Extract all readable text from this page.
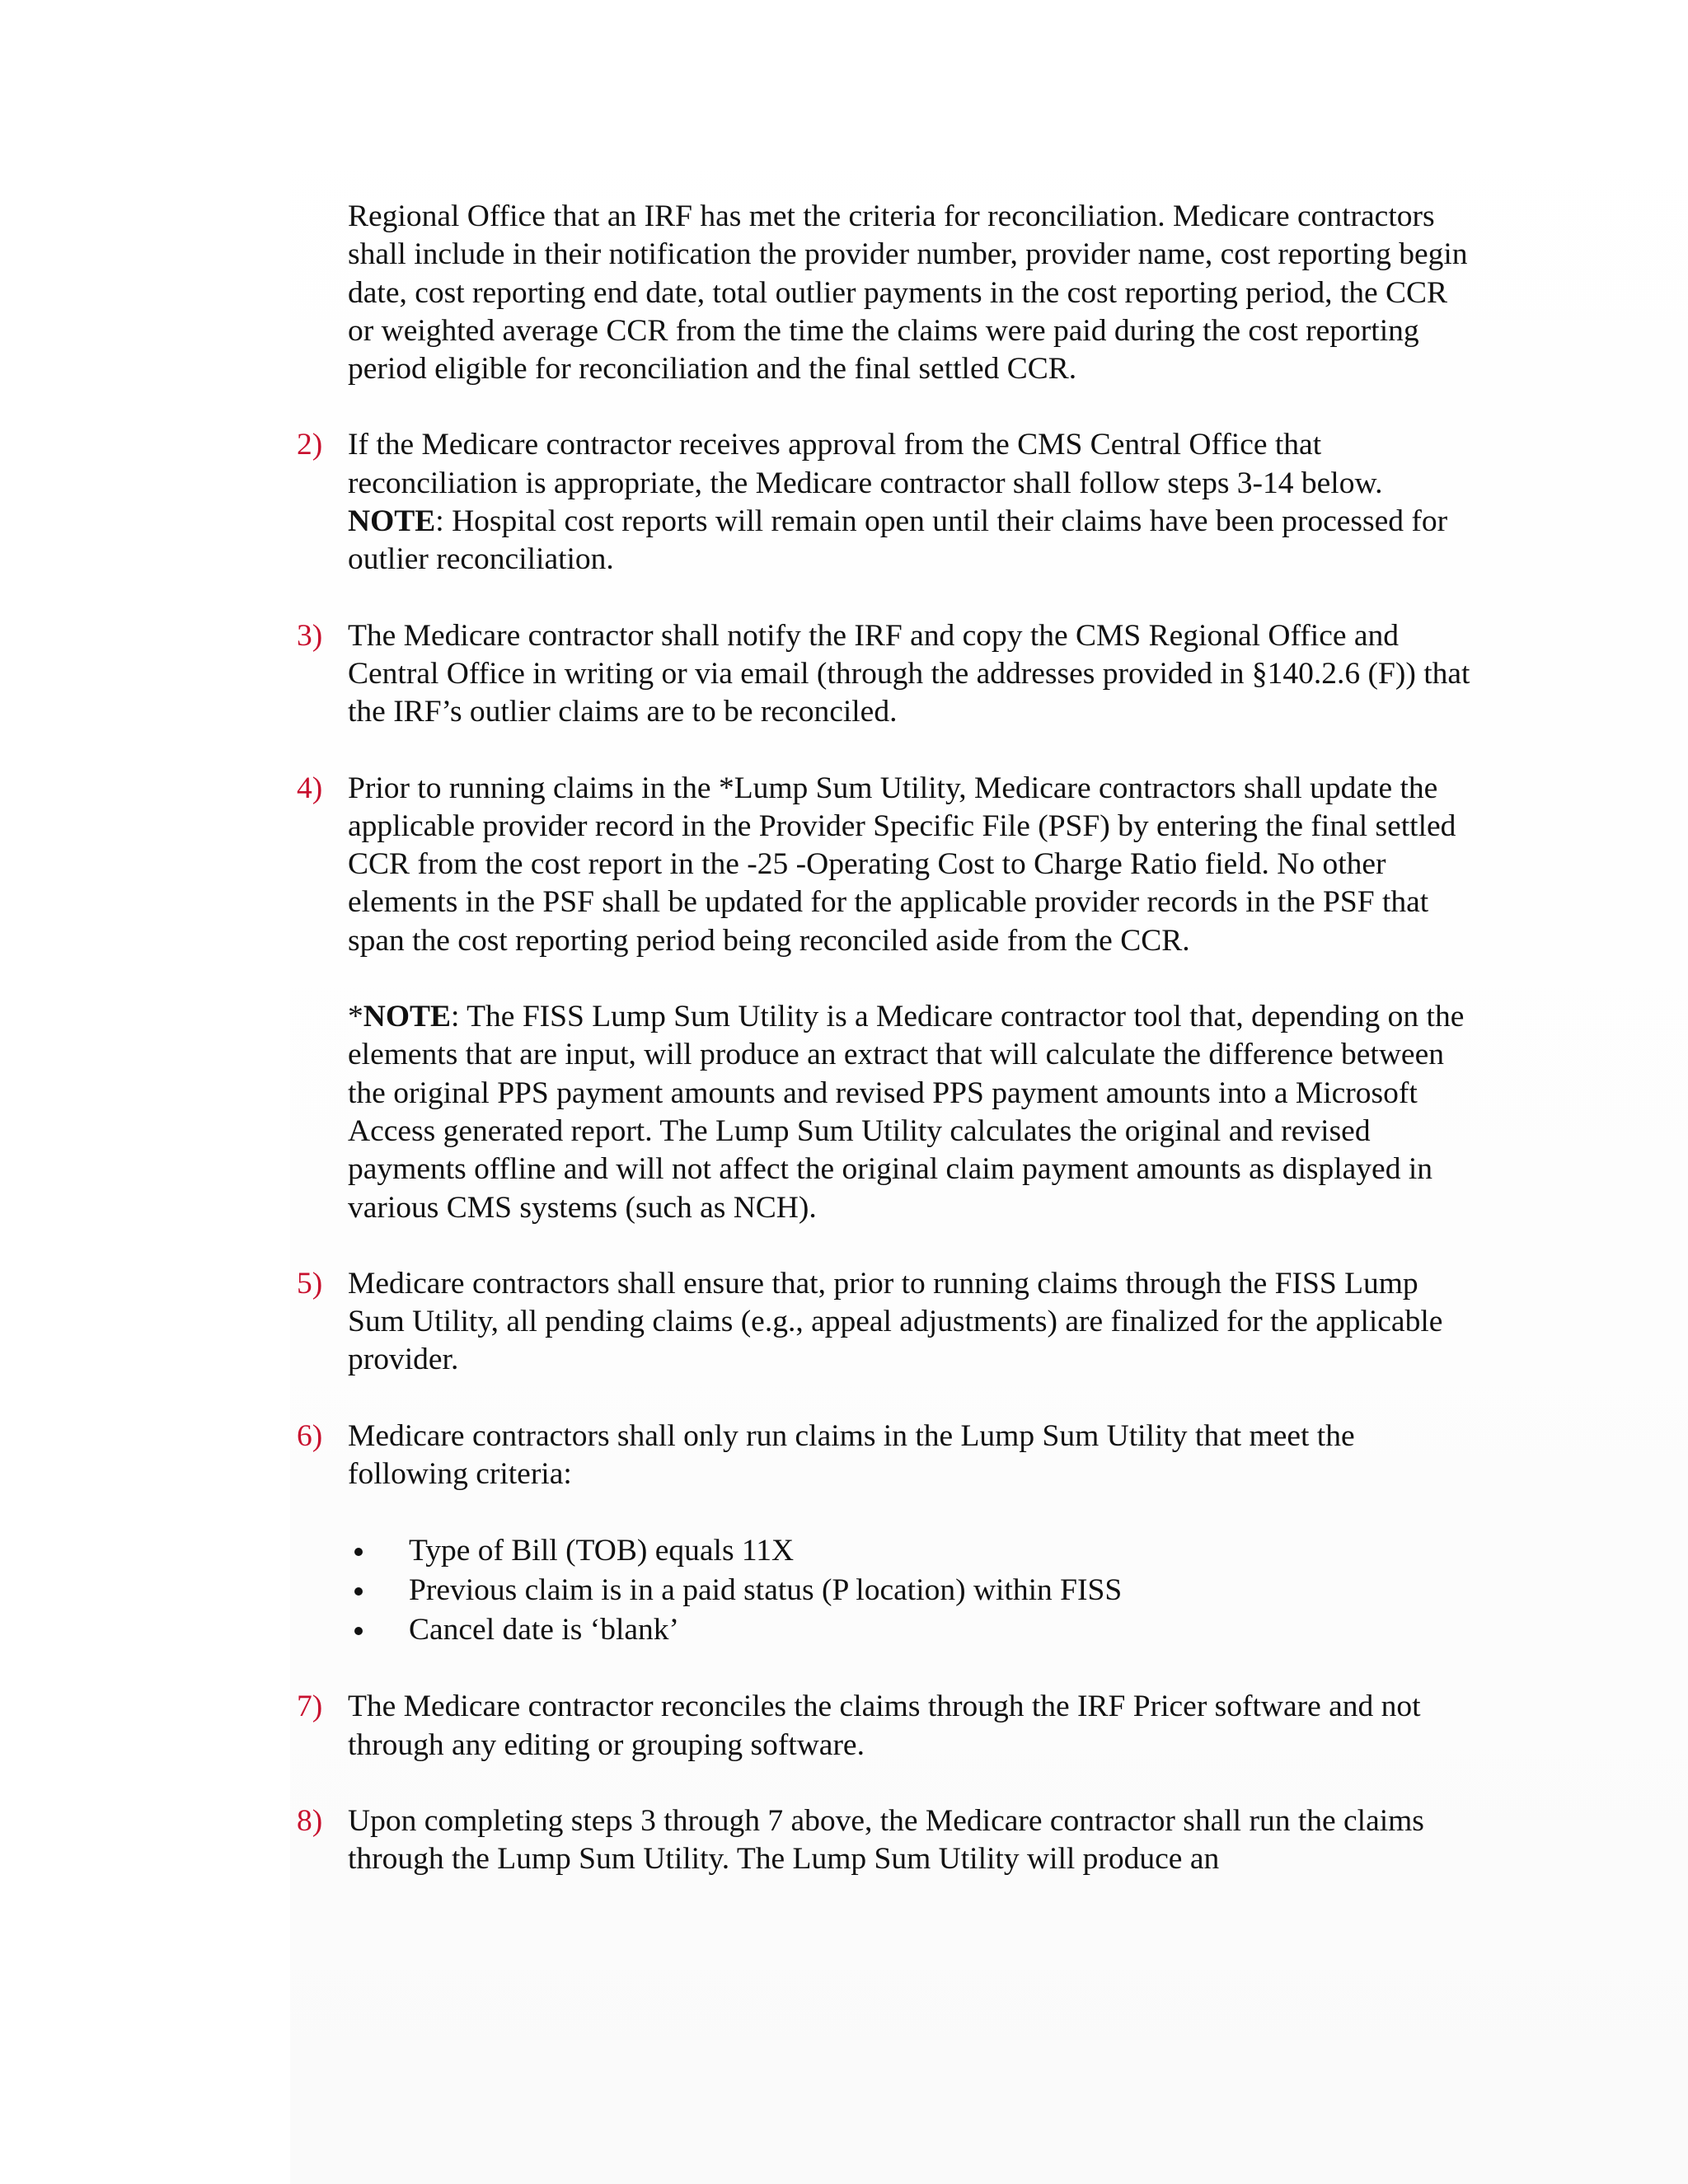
Regional Office that an IRF has met the criteria for reconciliation. Medicare contractors shall include in their notification the provider number, provider name, cost reporting begin date, cost reporting end date, total outlier payments in the cost reporting period, the CCR or weighted average CCR from the time the claims were paid during the cost reporting period eligible for reconciliation and the final settled CCR.

2) If the Medicare contractor receives approval from the CMS Central Office that reconciliation is appropriate, the Medicare contractor shall follow steps 3-14 below. NOTE: Hospital cost reports will remain open until their claims have been processed for outlier reconciliation.

3) The Medicare contractor shall notify the IRF and copy the CMS Regional Office and Central Office in writing or via email (through the addresses provided in §140.2.6 (F)) that the IRF’s outlier claims are to be reconciled.

4) Prior to running claims in the *Lump Sum Utility, Medicare contractors shall update the applicable provider record in the Provider Specific File (PSF) by entering the final settled CCR from the cost report in the -25 -Operating Cost to Charge Ratio field. No other elements in the PSF shall be updated for the applicable provider records in the PSF that span the cost reporting period being reconciled aside from the CCR.

*NOTE: The FISS Lump Sum Utility is a Medicare contractor tool that, depending on the elements that are input, will produce an extract that will calculate the difference between the original PPS payment amounts and revised PPS payment amounts into a Microsoft Access generated report. The Lump Sum Utility calculates the original and revised payments offline and will not affect the original claim payment amounts as displayed in various CMS systems (such as NCH).

5) Medicare contractors shall ensure that, prior to running claims through the FISS Lump Sum Utility, all pending claims (e.g., appeal adjustments) are finalized for the applicable provider.

6) Medicare contractors shall only run claims in the Lump Sum Utility that meet the following criteria:

Type of Bill (TOB) equals 11X
Previous claim is in a paid status (P location) within FISS
Cancel date is ‘blank’
7) The Medicare contractor reconciles the claims through the IRF Pricer software and not through any editing or grouping software.

8) Upon completing steps 3 through 7 above, the Medicare contractor shall run the claims through the Lump Sum Utility. The Lump Sum Utility will produce an
